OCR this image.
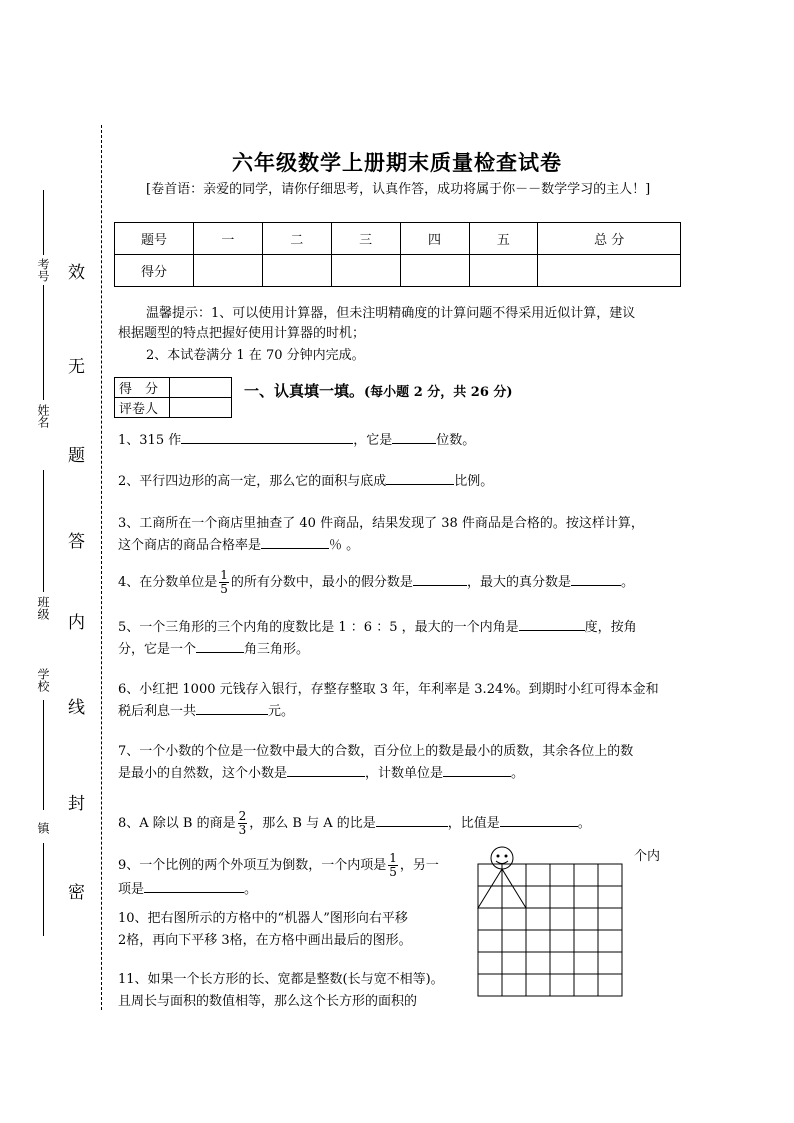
考号
姓名
班级
学校
镇
效
无
题
答
内
线
封
密
六年级数学上册期末质量检查试卷
[卷首语：亲爱的同学，请你仔细思考，认真作答，成功将属于你－－数学学习的主人！]
题号	一	二	三	四	五	总 分
得分						
温馨提示：1、可以使用计算器，但未注明精确度的计算问题不得采用近似计算，建议
根据题型的特点把握好使用计算器的时机；
2、本试卷满分 1 在 70 分钟内完成。
得　分	
评卷人	
一、认真填一填。(每小题 2 分，共 26 分)
1、315 作	，它是	位数。
2、平行四边形的高一定，那么它的面积与底成	比例。
3、工商所在一个商店里抽查了 40 件商品，结果发现了 38 件商品是合格的。按这样计算，
这个商店的商品合格率是	％ 。
4、在分数单位是 $\frac{1}{5}$ 的所有分数中，最小的假分数是	，最大的真分数是	。
5、一个三角形的三个内角的度数比是 1 ：6 ：5 ，最大的一个内角是	度，按角
分，它是一个	角三角形。
6、小红把 1000 元钱存入银行，存整存整取 3 年，年利率是 3.24%。到期时小红可得本金和
税后利息一共	元。
7、一个小数的个位是一位数中最大的合数，百分位上的数是最小的质数，其余各位上的数
是最小的自然数，这个小数是	，计数单位是	。
8、A 除以 B 的商是 $\frac{2}{3}$ ，那么 B 与 A 的比是	，比值是	。
9、一个比例的两个外项互为倒数，一个内项是 $\frac{1}{5}$ ，另一
项是	。
个内
10、把右图所示的方格中的“机器人”图形向右平移
2格，再向下平移 3格，在方格中画出最后的图形。
11、如果一个长方形的长、宽都是整数(长与宽不相等)。
且周长与面积的数值相等，那么这个长方形的面积的
